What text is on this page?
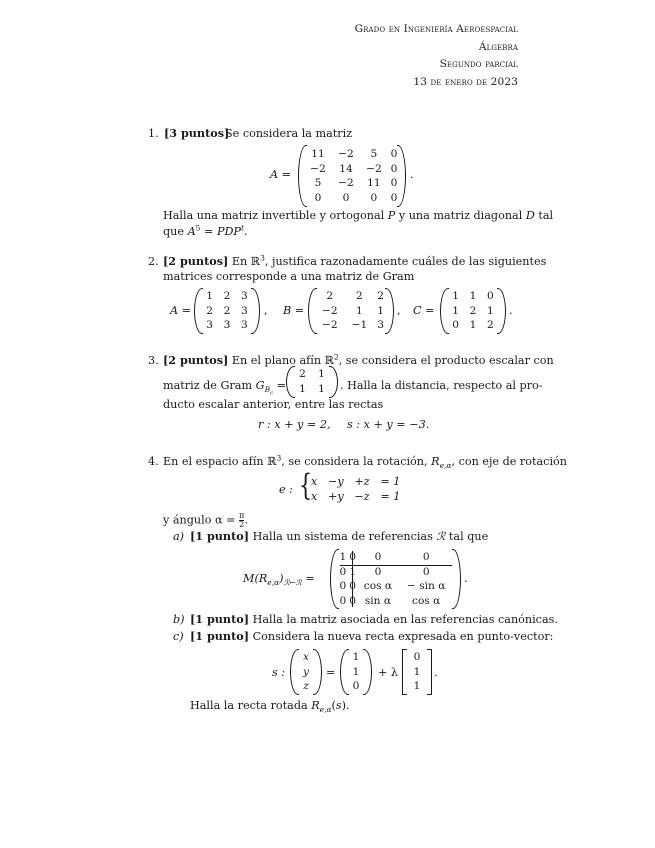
Grado en Ingeniería Aeroespacial
Álgebra
Segundo parcial
13 de enero de 2023
1. [3 puntos]
Se considera la matriz
A =
11	−2	5	0
−2	14	−2	0
5	−2	11	0
0	0	0	0
.
Halla una matriz invertible y ortogonal P y una matriz diagonal D tal
que $A^5 = PDP^t$.
2. [2 puntos] En ℝ$^3$, justifica razonadamente cuáles de las siguientes
matrices corresponde a una matriz de Gram
A =
1	2	3
2	2	3
3	3	3
, B =
2	2	2
−2	1	1
−2	−1	3
, C =
1	1	0
1	2	1
0	1	2
.
3. [2 puntos] En el plano afín ℝ$^2$, se considera el producto escalar con
matriz de Gram $G_{B_c}$ =
2	1
1	1 . Halla la distancia, respecto al pro-
ducto escalar anterior, entre las rectas
r : x + y = 2, s : x + y = −3.
4. En el espacio afín ℝ$^3$, se considera la rotación, $R_{e,\alpha}$, con eje de rotación
e : {
x −y +z = 1
x +y −z = 1
y ángulo $\alpha = \frac{\pi}{2}$ .
a) [1 punto] Halla un sistema de referencias ℛ tal que
$M(R_{e,\alpha})_{ℛ\leftarrow ℛ}$ =
1	0	0	0
0	1	0	0
0	0	cos α	− sin α
0	0	sin α	cos α
.
b) [1 punto] Halla la matriz asociada en las referencias canónicas.
c) [1 punto] Considera la nueva recta expresada en punto-vector:
s :
x
y
z
=
1
1
0
+ λ
0
1
1
.
Halla la recta rotada $R_{e,\alpha}(s)$.
